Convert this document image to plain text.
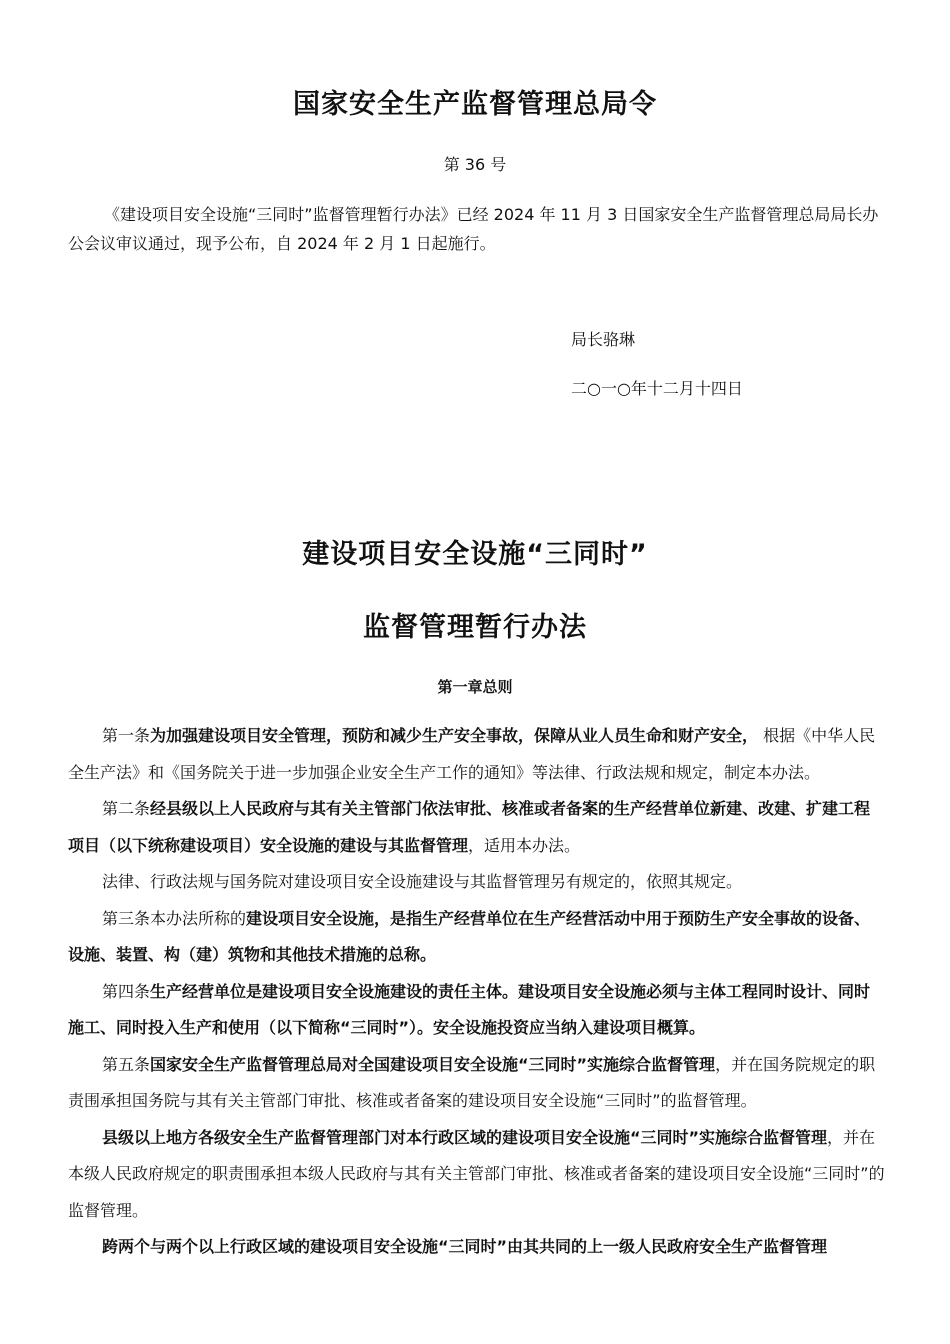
国家安全生产监督管理总局令
第 36 号

《建设项目安全设施“三同时”监督管理暂行办法》已经 2024 年 11 月 3 日国家安全生产监督管理总局局长办公会议审议通过，现予公布，自 2024 年 2 月 1 日起施行。

局长骆琳
二○一○年十二月十四日
建设项目安全设施“三同时”
监督管理暂行办法
第一章总则

第一条为加强建设项目安全管理，预防和减少生产安全事故，保障从业人员生命和财产安全， 根据《中华人民全生产法》和《国务院关于进一步加强企业安全生产工作的通知》等法律、行政法规和规定，制定本办法。

第二条经县级以上人民政府与其有关主管部门依法审批、核准或者备案的生产经营单位新建、改建、扩建工程项目（以下统称建设项目）安全设施的建设与其监督管理，适用本办法。

法律、行政法规与国务院对建设项目安全设施建设与其监督管理另有规定的，依照其规定。

第三条本办法所称的建设项目安全设施，是指生产经营单位在生产经营活动中用于预防生产安全事故的设备、设施、装置、构（建）筑物和其他技术措施的总称。

第四条生产经营单位是建设项目安全设施建设的责任主体。建设项目安全设施必须与主体工程同时设计、同时施工、同时投入生产和使用（以下简称“三同时”）。安全设施投资应当纳入建设项目概算。

第五条国家安全生产监督管理总局对全国建设项目安全设施“三同时”实施综合监督管理，并在国务院规定的职责围承担国务院与其有关主管部门审批、核准或者备案的建设项目安全设施“三同时”的监督管理。

县级以上地方各级安全生产监督管理部门对本行政区域的建设项目安全设施“三同时”实施综合监督管理，并在本级人民政府规定的职责围承担本级人民政府与其有关主管部门审批、核准或者备案的建设项目安全设施“三同时”的监督管理。

跨两个与两个以上行政区域的建设项目安全设施“三同时”由其共同的上一级人民政府安全生产监督管理
